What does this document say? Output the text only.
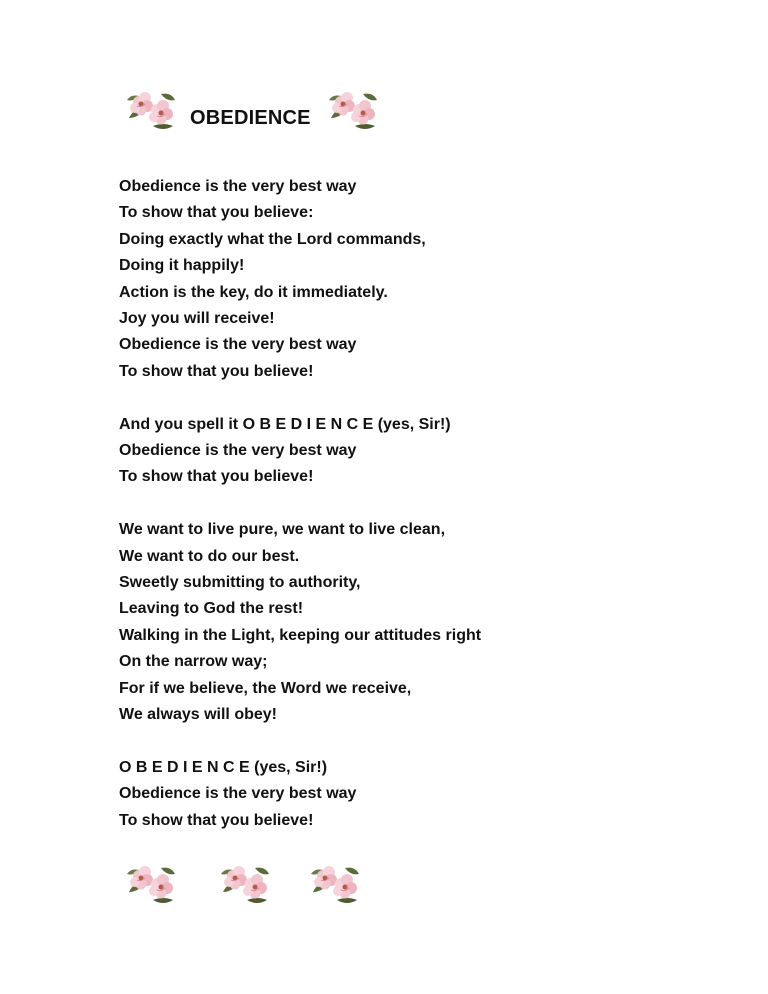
OBEDIENCE
Obedience is the very best way
To show that you believe:
Doing exactly what the Lord commands,
Doing it happily!
Action is the key, do it immediately.
Joy you will receive!
Obedience is the very best way
To show that you believe!
And you spell it O B E D I E N C E (yes, Sir!)
Obedience is the very best way
To show that you believe!
We want to live pure, we want to live clean,
We want to do our best.
Sweetly submitting to authority,
Leaving to God the rest!
Walking in the Light, keeping our attitudes right
On the narrow way;
For if we believe, the Word we receive,
We always will obey!
O B E D I E N C E (yes, Sir!)
Obedience is the very best way
To show that you believe!
